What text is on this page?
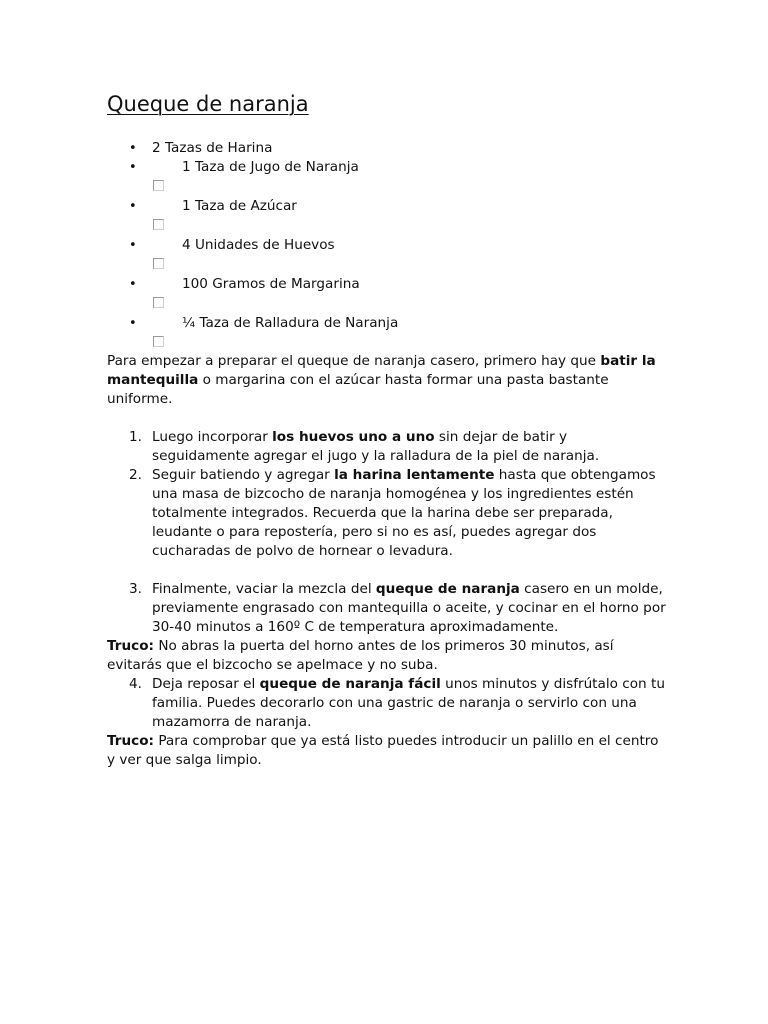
Queque de naranja
• 2 Tazas de Harina
•	1 Taza de Jugo de Naranja
•	1 Taza de Azúcar
•	4 Unidades de Huevos
•	100 Gramos de Margarina
•	¼ Taza de Ralladura de Naranja

Para empezar a preparar el queque de naranja casero, primero hay que batir la mantequilla o margarina con el azúcar hasta formar una pasta bastante uniforme.

1. Luego incorporar los huevos uno a uno sin dejar de batir y seguidamente agregar el jugo y la ralladura de la piel de naranja.
2. Seguir batiendo y agregar la harina lentamente hasta que obtengamos una masa de bizcocho de naranja homogénea y los ingredientes estén totalmente integrados. Recuerda que la harina debe ser preparada, leudante o para repostería, pero si no es así, puedes agregar dos cucharadas de polvo de hornear o levadura.
3. Finalmente, vaciar la mezcla del queque de naranja casero en un molde, previamente engrasado con mantequilla o aceite, y cocinar en el horno por 30-40 minutos a 160º C de temperatura aproximadamente.

Truco: No abras la puerta del horno antes de los primeros 30 minutos, así evitarás que el bizcocho se apelmace y no suba.

4. Deja reposar el queque de naranja fácil unos minutos y disfrútalo con tu familia. Puedes decorarlo con una gastric de naranja o servirlo con una mazamorra de naranja.

Truco: Para comprobar que ya está listo puedes introducir un palillo en el centro y ver que salga limpio.
